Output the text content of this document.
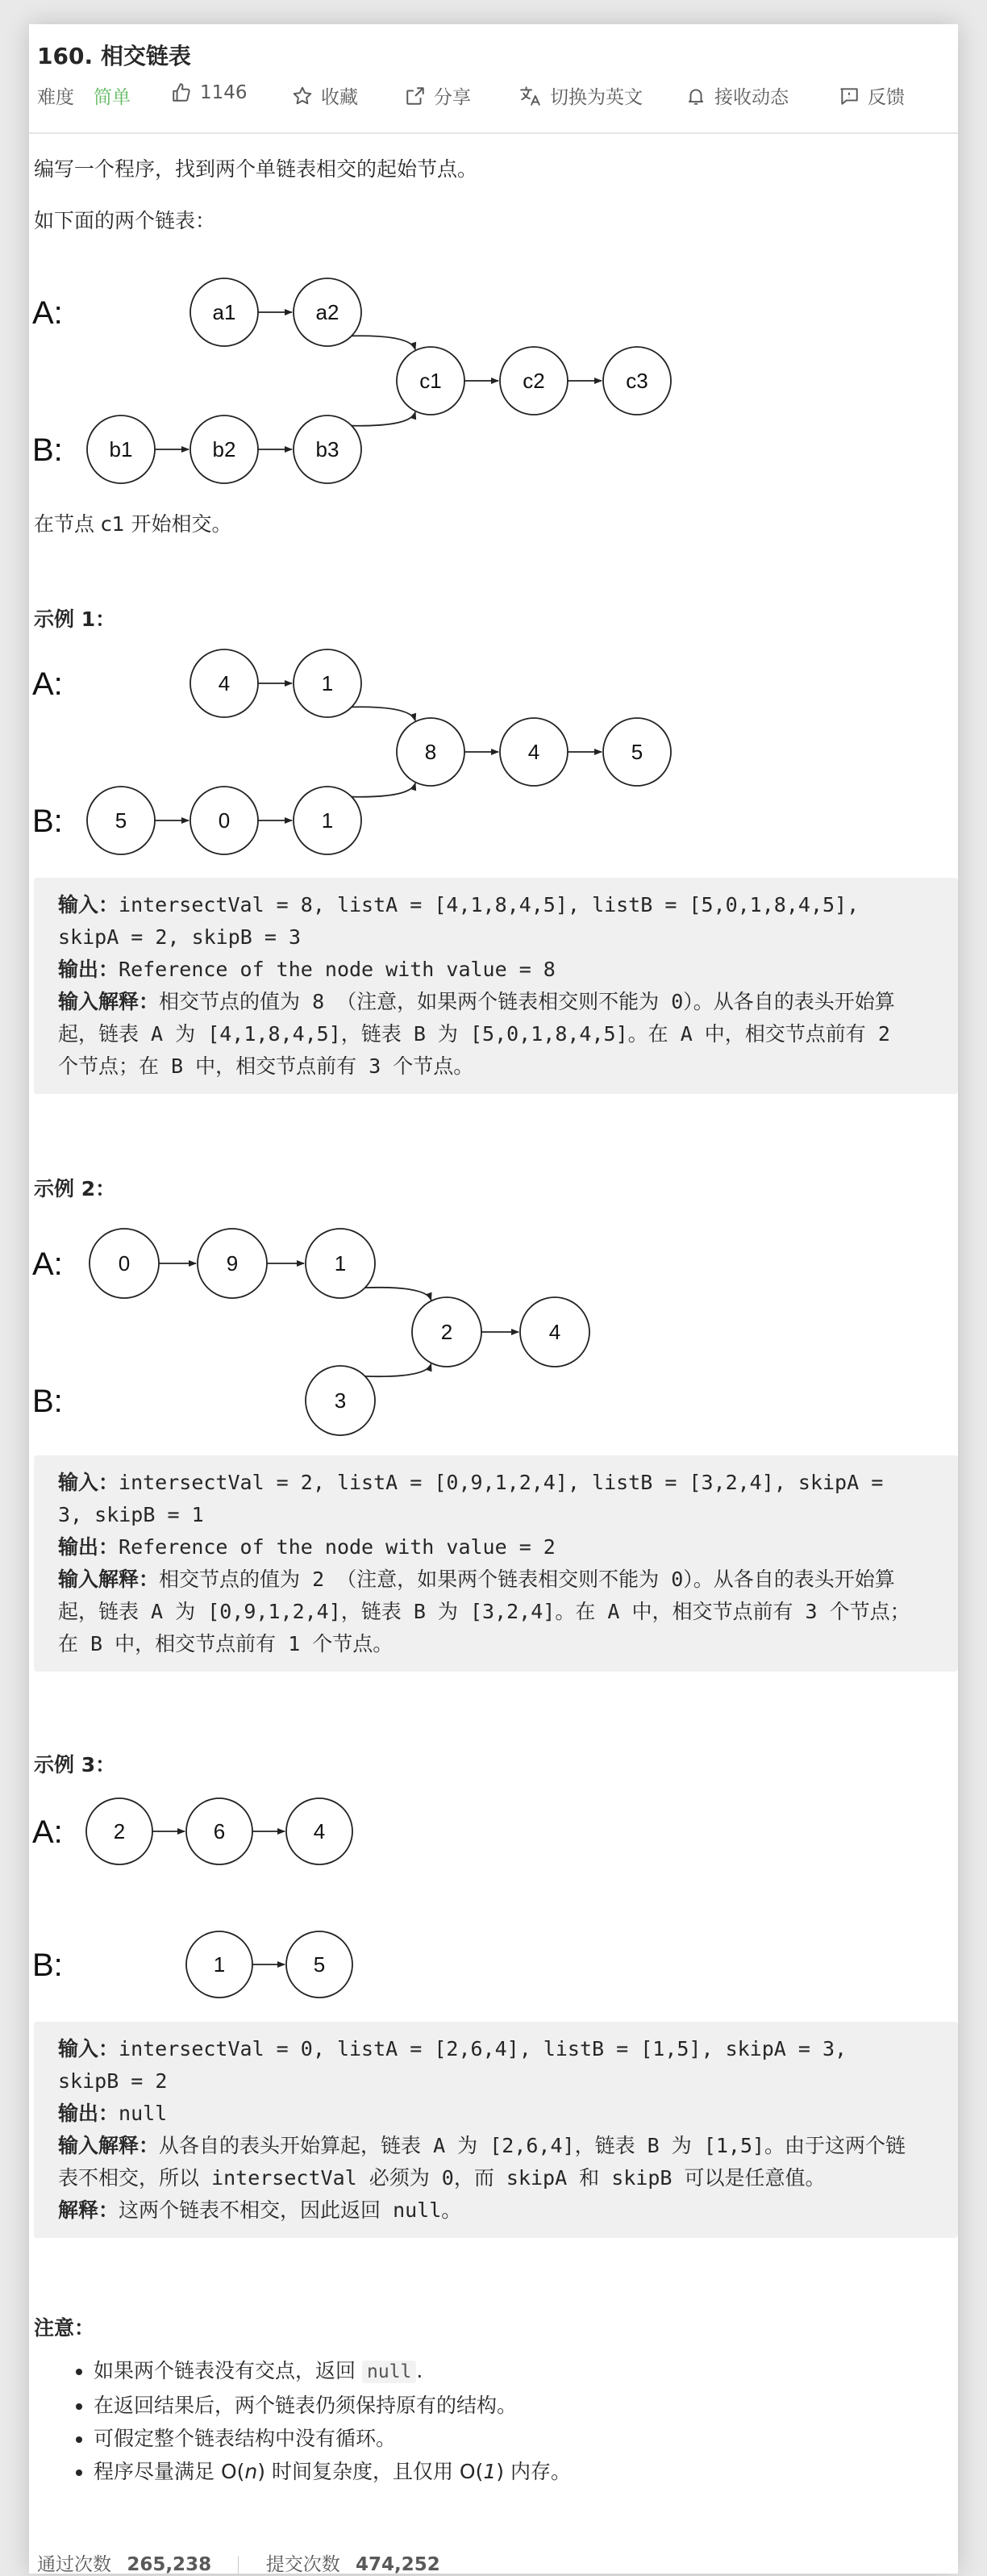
160. 相交链表
难度 简单	1146	收藏	分享	切换为英文	接收动态	反馈
编写一个程序，找到两个单链表相交的起始节点。
如下面的两个链表：
A:
B:
a1	a2
b1	b2	b3
c1	c2	c3
在节点 c1 开始相交。
示例 1：
A:
B:
4	1
5	0	1
8	4	5
输入：intersectVal = 8, listA = [4,1,8,4,5], listB = [5,0,1,8,4,5],
skipA = 2, skipB = 3
输出：Reference of the node with value = 8
输入解释：相交节点的值为 8 （注意，如果两个链表相交则不能为 0）。从各自的表头开始算
起，链表 A 为 [4,1,8,4,5]，链表 B 为 [5,0,1,8,4,5]。在 A 中，相交节点前有 2
个节点；在 B 中，相交节点前有 3 个节点。
示例 2：
A:
B:
0	9	1
3
2	4
输入：intersectVal = 2, listA = [0,9,1,2,4], listB = [3,2,4], skipA =
3, skipB = 1
输出：Reference of the node with value = 2
输入解释：相交节点的值为 2 （注意，如果两个链表相交则不能为 0）。从各自的表头开始算
起，链表 A 为 [0,9,1,2,4]，链表 B 为 [3,2,4]。在 A 中，相交节点前有 3 个节点；
在 B 中，相交节点前有 1 个节点。
示例 3：
A:
B:
2	6	4
1	5
输入：intersectVal = 0, listA = [2,6,4], listB = [1,5], skipA = 3,
skipB = 2
输出：null
输入解释：从各自的表头开始算起，链表 A 为 [2,6,4]，链表 B 为 [1,5]。由于这两个链
表不相交，所以 intersectVal 必须为 0，而 skipA 和 skipB 可以是任意值。
解释：这两个链表不相交，因此返回 null。
注意：
• 如果两个链表没有交点，返回 null .
• 在返回结果后，两个链表仍须保持原有的结构。
• 可假定整个链表结构中没有循环。
• 程序尽量满足 O(n) 时间复杂度，且仅用 O(1) 内存。
通过次数 265,238	提交次数 474,252
